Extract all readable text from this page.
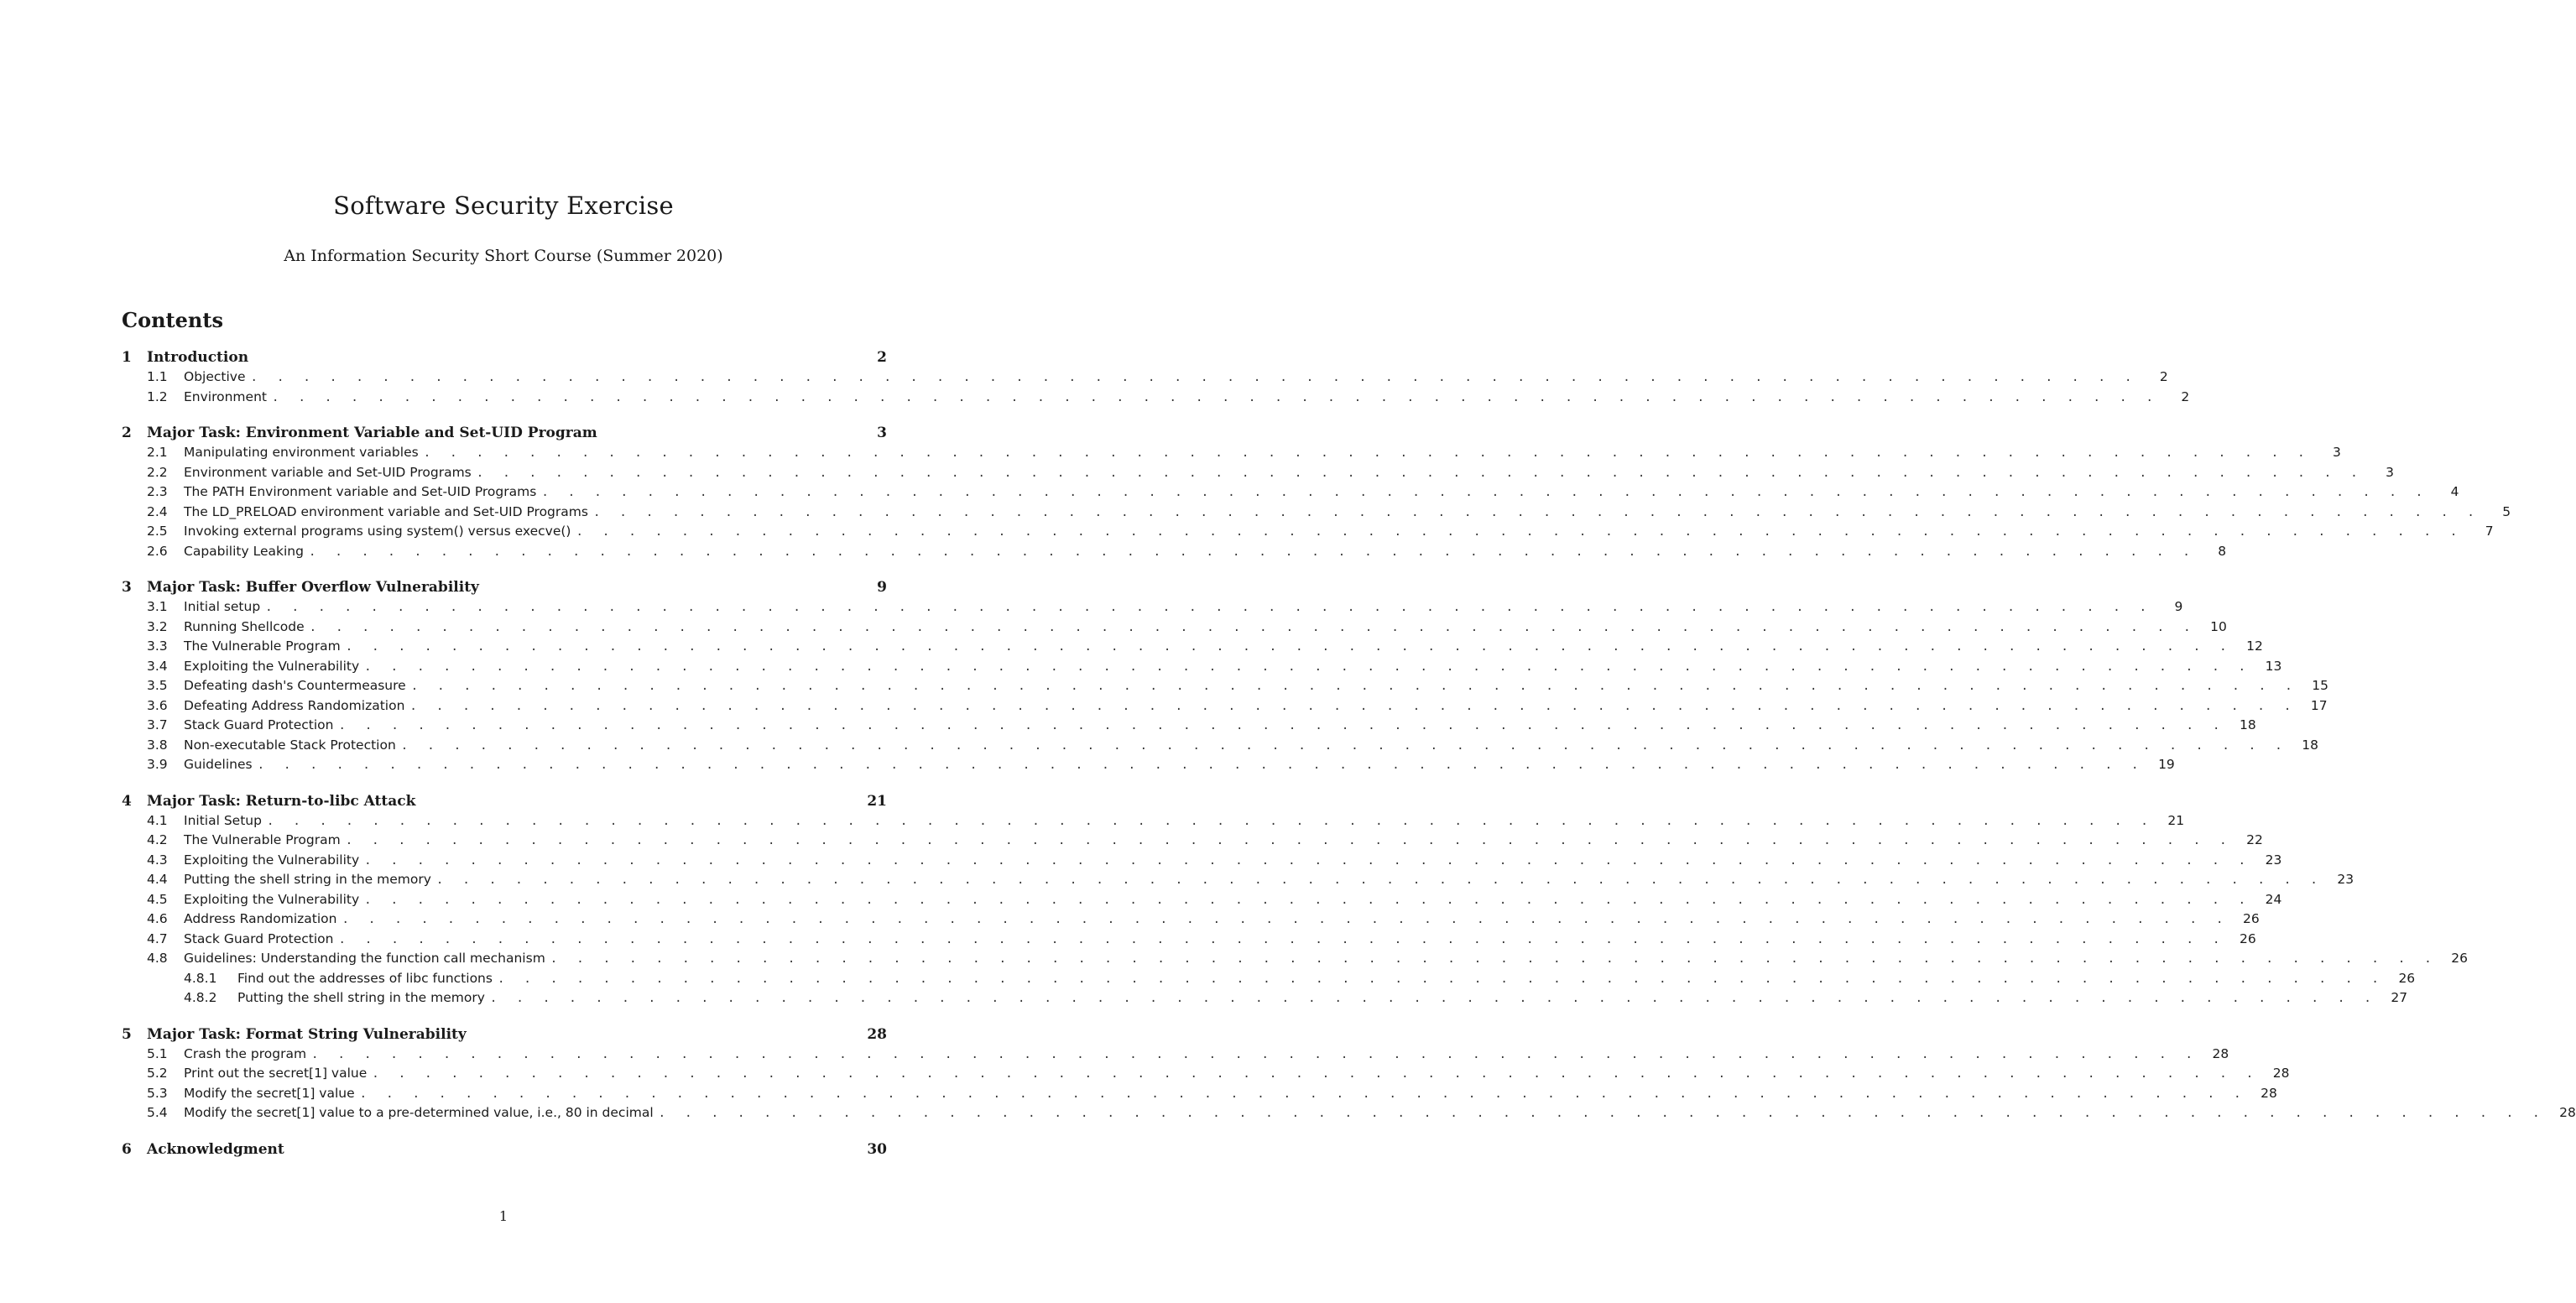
Software Security Exercise
An Information Security Short Course (Summer 2020)
Contents
1	Introduction	2
1.1	Objective . . . . . . . . . . . . . . . . . . . . . . . . . . . . . . . . . . . . . . . . . . . . . . . . . . . . . . . . . . . . . . . . . . . . . . . .	2
1.2	Environment . . . . . . . . . . . . . . . . . . . . . . . . . . . . . . . . . . . . . . . . . . . . . . . . . . . . . . . . . . . . . . . . . . . . . . . .	2
2	Major Task: Environment Variable and Set-UID Program	3
2.1	Manipulating environment variables . . . . . . . . . . . . . . . . . . . . . . . . . . . . . . . . . . . . . . . . . . . . . . . . . . . . . . . . . . . . . . . . . . . . . . . .	3
2.2	Environment variable and Set-UID Programs . . . . . . . . . . . . . . . . . . . . . . . . . . . . . . . . . . . . . . . . . . . . . . . . . . . . . . . . . . . . . . . . . . . . . . . .	3
2.3	The PATH Environment variable and Set-UID Programs . . . . . . . . . . . . . . . . . . . . . . . . . . . . . . . . . . . . . . . . . . . . . . . . . . . . . . . . . . . . . . . . . . . . . . . .	4
2.4	The LD_PRELOAD environment variable and Set-UID Programs . . . . . . . . . . . . . . . . . . . . . . . . . . . . . . . . . . . . . . . . . . . . . . . . . . . . . . . . . . . . . . . . . . . . . . . .	5
2.5	Invoking external programs using system() versus execve() . . . . . . . . . . . . . . . . . . . . . . . . . . . . . . . . . . . . . . . . . . . . . . . . . . . . . . . . . . . . . . . . . . . . . . . .	7
2.6	Capability Leaking . . . . . . . . . . . . . . . . . . . . . . . . . . . . . . . . . . . . . . . . . . . . . . . . . . . . . . . . . . . . . . . . . . . . . . . .	8
3	Major Task: Buffer Overflow Vulnerability	9
3.1	Initial setup . . . . . . . . . . . . . . . . . . . . . . . . . . . . . . . . . . . . . . . . . . . . . . . . . . . . . . . . . . . . . . . . . . . . . . . .	9
3.2	Running Shellcode . . . . . . . . . . . . . . . . . . . . . . . . . . . . . . . . . . . . . . . . . . . . . . . . . . . . . . . . . . . . . . . . . . . . . . . .	10
3.3	The Vulnerable Program . . . . . . . . . . . . . . . . . . . . . . . . . . . . . . . . . . . . . . . . . . . . . . . . . . . . . . . . . . . . . . . . . . . . . . . .	12
3.4	Exploiting the Vulnerability . . . . . . . . . . . . . . . . . . . . . . . . . . . . . . . . . . . . . . . . . . . . . . . . . . . . . . . . . . . . . . . . . . . . . . . .	13
3.5	Defeating dash's Countermeasure . . . . . . . . . . . . . . . . . . . . . . . . . . . . . . . . . . . . . . . . . . . . . . . . . . . . . . . . . . . . . . . . . . . . . . . .	15
3.6	Defeating Address Randomization . . . . . . . . . . . . . . . . . . . . . . . . . . . . . . . . . . . . . . . . . . . . . . . . . . . . . . . . . . . . . . . . . . . . . . . .	17
3.7	Stack Guard Protection . . . . . . . . . . . . . . . . . . . . . . . . . . . . . . . . . . . . . . . . . . . . . . . . . . . . . . . . . . . . . . . . . . . . . . . .	18
3.8	Non-executable Stack Protection . . . . . . . . . . . . . . . . . . . . . . . . . . . . . . . . . . . . . . . . . . . . . . . . . . . . . . . . . . . . . . . . . . . . . . . .	18
3.9	Guidelines . . . . . . . . . . . . . . . . . . . . . . . . . . . . . . . . . . . . . . . . . . . . . . . . . . . . . . . . . . . . . . . . . . . . . . . .	19
4	Major Task: Return-to-libc Attack	21
4.1	Initial Setup . . . . . . . . . . . . . . . . . . . . . . . . . . . . . . . . . . . . . . . . . . . . . . . . . . . . . . . . . . . . . . . . . . . . . . . .	21
4.2	The Vulnerable Program . . . . . . . . . . . . . . . . . . . . . . . . . . . . . . . . . . . . . . . . . . . . . . . . . . . . . . . . . . . . . . . . . . . . . . . .	22
4.3	Exploiting the Vulnerability . . . . . . . . . . . . . . . . . . . . . . . . . . . . . . . . . . . . . . . . . . . . . . . . . . . . . . . . . . . . . . . . . . . . . . . .	23
4.4	Putting the shell string in the memory . . . . . . . . . . . . . . . . . . . . . . . . . . . . . . . . . . . . . . . . . . . . . . . . . . . . . . . . . . . . . . . . . . . . . . . .	23
4.5	Exploiting the Vulnerability . . . . . . . . . . . . . . . . . . . . . . . . . . . . . . . . . . . . . . . . . . . . . . . . . . . . . . . . . . . . . . . . . . . . . . . .	24
4.6	Address Randomization . . . . . . . . . . . . . . . . . . . . . . . . . . . . . . . . . . . . . . . . . . . . . . . . . . . . . . . . . . . . . . . . . . . . . . . .	26
4.7	Stack Guard Protection . . . . . . . . . . . . . . . . . . . . . . . . . . . . . . . . . . . . . . . . . . . . . . . . . . . . . . . . . . . . . . . . . . . . . . . .	26
4.8	Guidelines: Understanding the function call mechanism . . . . . . . . . . . . . . . . . . . . . . . . . . . . . . . . . . . . . . . . . . . . . . . . . . . . . . . . . . . . . . . . . . . . . . . .	26
4.8.1	Find out the addresses of libc functions . . . . . . . . . . . . . . . . . . . . . . . . . . . . . . . . . . . . . . . . . . . . . . . . . . . . . . . . . . . . . . . . . . . . . . . .	26
4.8.2	Putting the shell string in the memory . . . . . . . . . . . . . . . . . . . . . . . . . . . . . . . . . . . . . . . . . . . . . . . . . . . . . . . . . . . . . . . . . . . . . . . .	27
5	Major Task: Format String Vulnerability	28
5.1	Crash the program . . . . . . . . . . . . . . . . . . . . . . . . . . . . . . . . . . . . . . . . . . . . . . . . . . . . . . . . . . . . . . . . . . . . . . . .	28
5.2	Print out the secret[1] value . . . . . . . . . . . . . . . . . . . . . . . . . . . . . . . . . . . . . . . . . . . . . . . . . . . . . . . . . . . . . . . . . . . . . . . .	28
5.3	Modify the secret[1] value . . . . . . . . . . . . . . . . . . . . . . . . . . . . . . . . . . . . . . . . . . . . . . . . . . . . . . . . . . . . . . . . . . . . . . . .	28
5.4	Modify the secret[1] value to a pre-determined value, i.e., 80 in decimal . . . . . . . . . . . . . . . . . . . . . . . . . . . . . . . . . . . . . . . . . . . . . . . . . . . . . . . . . . . . . . . . . . . . . . . .	28
6	Acknowledgment	30
1
